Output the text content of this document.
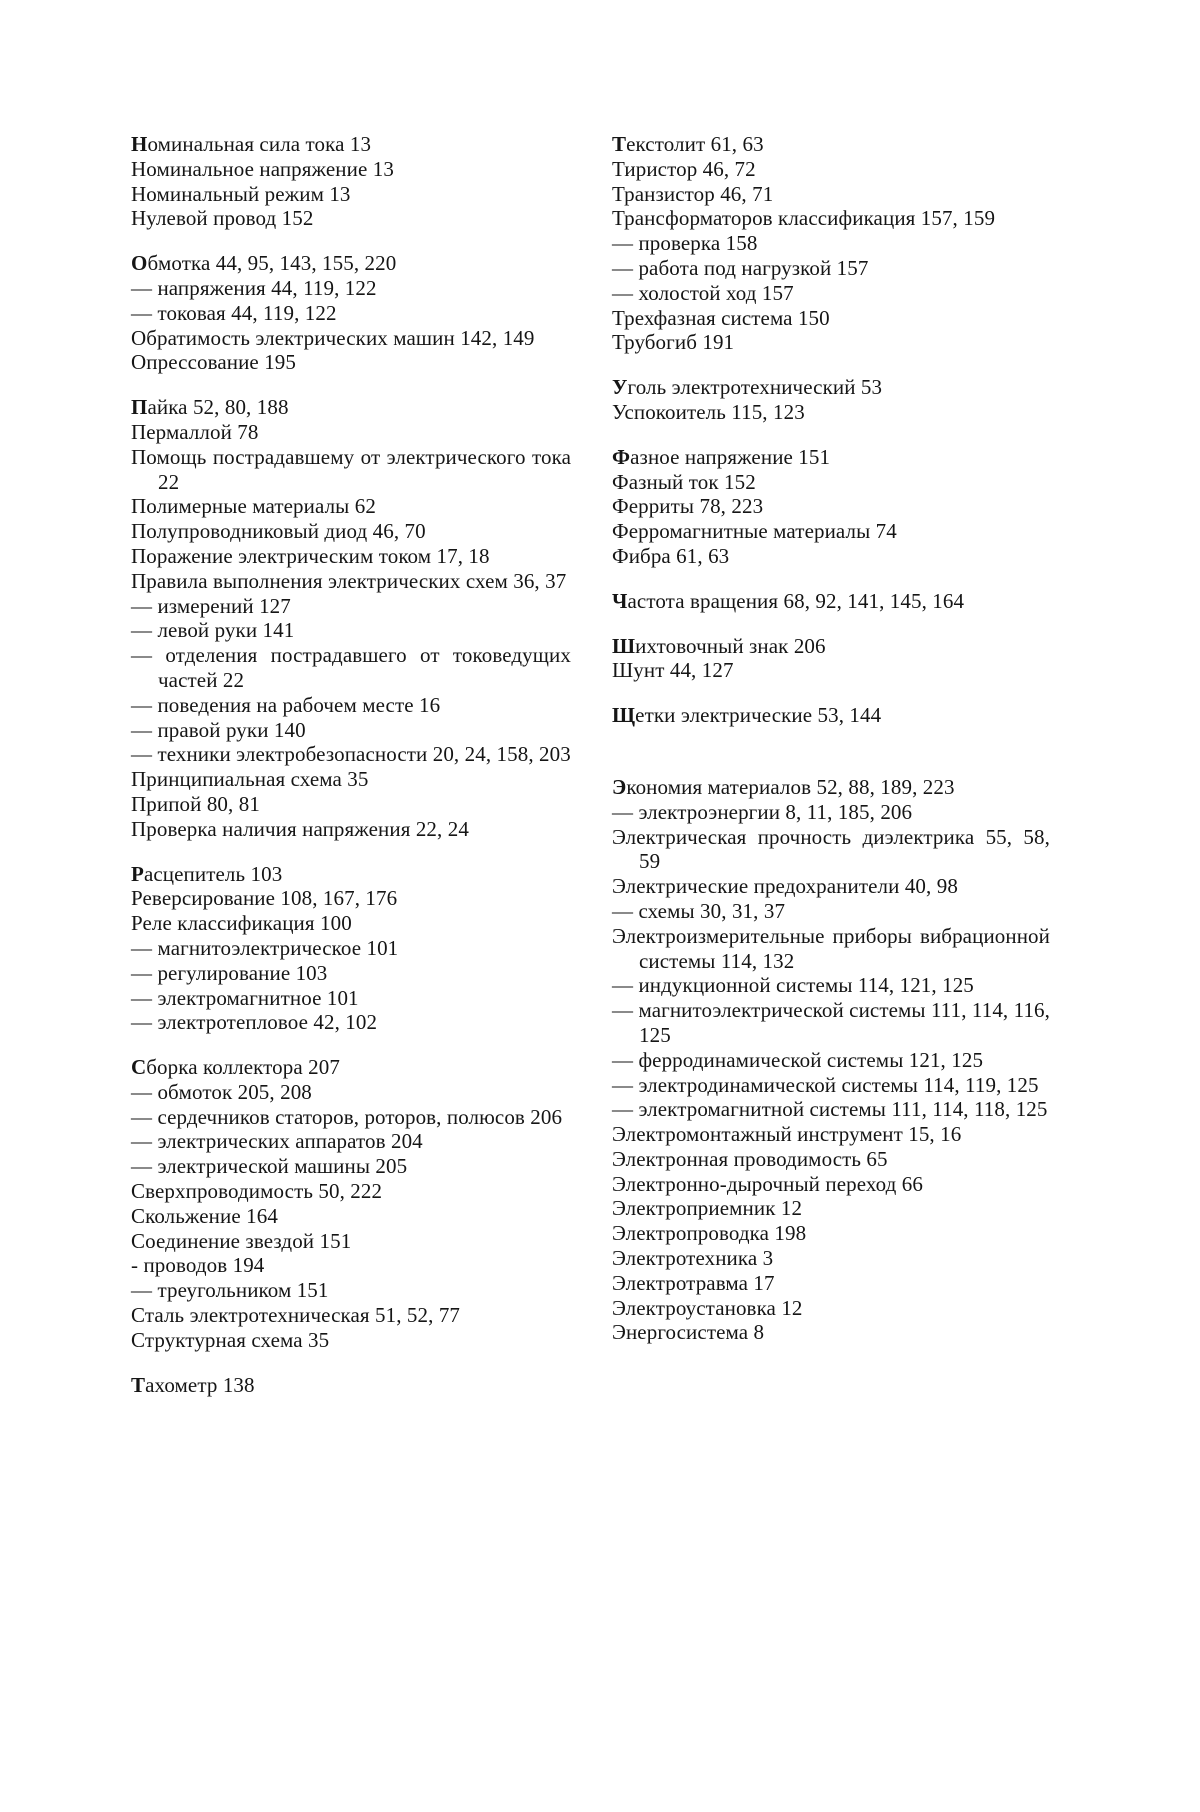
Номинальная сила тока 13
Номинальное напряжение 13
Номинальный режим 13
Нулевой провод 152
Обмотка 44, 95, 143, 155, 220
— напряжения 44, 119, 122
— токовая 44, 119, 122
Обратимость электрических машин 142, 149
Опрессование 195
Пайка 52, 80, 188
Пермаллой 78
Помощь пострадавшему от электрического тока 22
Полимерные материалы 62
Полупроводниковый диод 46, 70
Поражение электрическим током 17, 18
Правила выполнения электрических схем 36, 37
— измерений 127
— левой руки 141
— отделения пострадавшего от токоведущих частей 22
— поведения на рабочем месте 16
— правой руки 140
— техники электробезопасности 20, 24, 158, 203
Принципиальная схема 35
Припой 80, 81
Проверка наличия напряжения 22, 24
Расцепитель 103
Реверсирование 108, 167, 176
Реле классификация 100
— магнитоэлектрическое 101
— регулирование 103
— электромагнитное 101
— электротепловое 42, 102
Сборка коллектора 207
— обмоток 205, 208
— сердечников статоров, роторов, полюсов 206
— электрических аппаратов 204
— электрической машины 205
Сверхпроводимость 50, 222
Скольжение 164
Соединение звездой 151
- проводов 194
— треугольником 151
Сталь электротехническая 51, 52, 77
Структурная схема 35
Тахометр 138
Текстолит 61, 63
Тиристор 46, 72
Транзистор 46, 71
Трансформаторов классификация 157, 159
— проверка 158
— работа под нагрузкой 157
— холостой ход 157
Трехфазная система 150
Трубогиб 191
Уголь электротехнический 53
Успокоитель 115, 123
Фазное напряжение 151
Фазный ток 152
Ферриты 78, 223
Ферромагнитные материалы 74
Фибра 61, 63
Частота вращения 68, 92, 141, 145, 164
Шихтовочный знак 206
Шунт 44, 127
Щетки электрические 53, 144
Экономия материалов 52, 88, 189, 223
— электроэнергии 8, 11, 185, 206
Электрическая прочность диэлектрика 55, 58, 59
Электрические предохранители 40, 98
— схемы 30, 31, 37
Электроизмерительные приборы вибрационной системы 114, 132
— индукционной системы 114, 121, 125
— магнитоэлектрической системы 111, 114, 116, 125
— ферродинамической системы 121, 125
— электродинамической системы 114, 119, 125
— электромагнитной системы 111, 114, 118, 125
Электромонтажный инструмент 15, 16
Электронная проводимость 65
Электронно-дырочный переход 66
Электроприемник 12
Электропроводка 198
Электротехника 3
Электротравма 17
Электроустановка 12
Энергосистема 8
